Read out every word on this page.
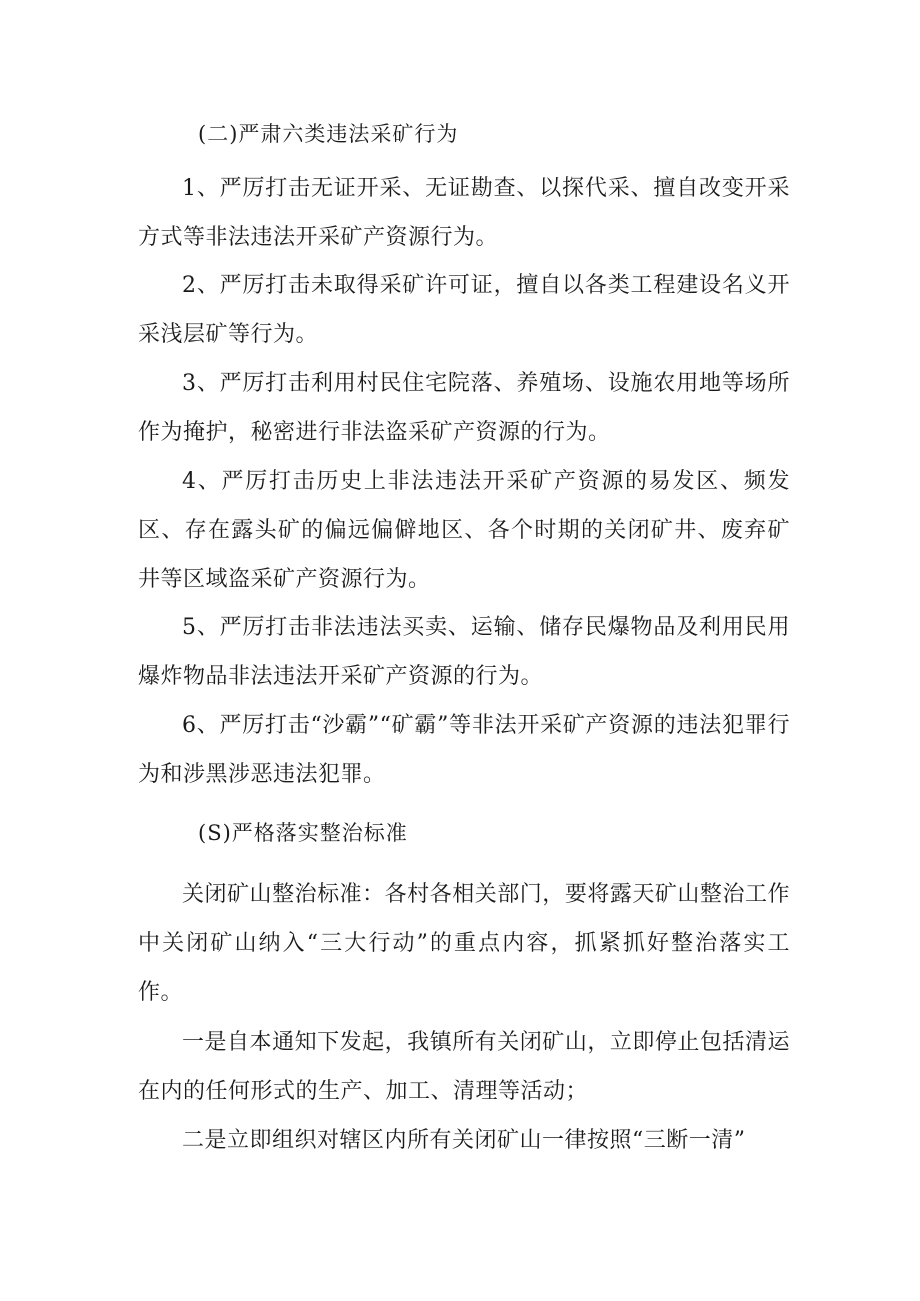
(二)严肃六类违法采矿行为
1、严厉打击无证开采、无证勘查、以探代采、擅自改变开采方式等非法违法开采矿产资源行为。
2、严厉打击未取得采矿许可证，擅自以各类工程建设名义开采浅层矿等行为。
3、严厉打击利用村民住宅院落、养殖场、设施农用地等场所作为掩护，秘密进行非法盗采矿产资源的行为。
4、严厉打击历史上非法违法开采矿产资源的易发区、频发区、存在露头矿的偏远偏僻地区、各个时期的关闭矿井、废弃矿井等区域盗采矿产资源行为。
5、严厉打击非法违法买卖、运输、储存民爆物品及利用民用爆炸物品非法违法开采矿产资源的行为。
6、严厉打击“沙霸”“矿霸”等非法开采矿产资源的违法犯罪行为和涉黑涉恶违法犯罪。
(S)严格落实整治标准
关闭矿山整治标准：各村各相关部门，要将露天矿山整治工作中关闭矿山纳入“三大行动”的重点内容，抓紧抓好整治落实工作。
一是自本通知下发起，我镇所有关闭矿山，立即停止包括清运在内的任何形式的生产、加工、清理等活动；
二是立即组织对辖区内所有关闭矿山一律按照“三断一清”
